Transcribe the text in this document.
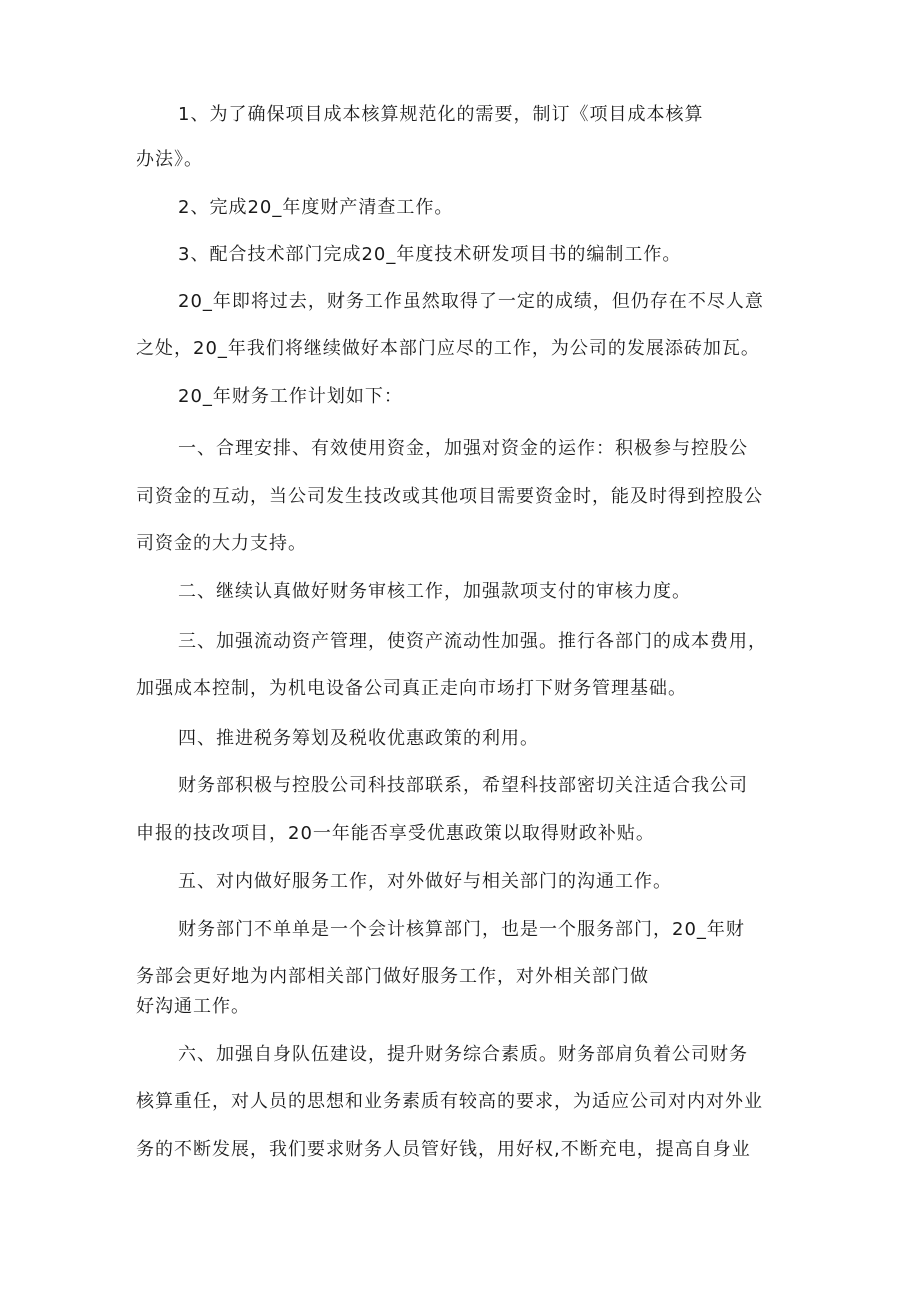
1、为了确保项目成本核算规范化的需要，制订《项目成本核算

办法》。

2、完成20_年度财产清查工作。

3、配合技术部门完成20_年度技术研发项目书的编制工作。

20_年即将过去，财务工作虽然取得了一定的成绩，但仍存在不尽人意

之处，20_年我们将继续做好本部门应尽的工作，为公司的发展添砖加瓦。

20_年财务工作计划如下：

一、合理安排、有效使用资金，加强对资金的运作：积极参与控股公

司资金的互动，当公司发生技改或其他项目需要资金时，能及时得到控股公

司资金的大力支持。

二、继续认真做好财务审核工作，加强款项支付的审核力度。

三、加强流动资产管理，使资产流动性加强。推行各部门的成本费用，

加强成本控制，为机电设备公司真正走向市场打下财务管理基础。

四、推进税务筹划及税收优惠政策的利用。

财务部积极与控股公司科技部联系，希望科技部密切关注适合我公司

申报的技改项目，20一年能否享受优惠政策以取得财政补贴。

五、对内做好服务工作，对外做好与相关部门的沟通工作。

财务部门不单单是一个会计核算部门，也是一个服务部门，20_年财

务部会更好地为内部相关部门做好服务工作，对外相关部门做

好沟通工作。

六、加强自身队伍建设，提升财务综合素质。财务部肩负着公司财务

核算重任，对人员的思想和业务素质有较高的要求，为适应公司对内对外业

务的不断发展，我们要求财务人员管好钱，用好权,不断充电，提高自身业
